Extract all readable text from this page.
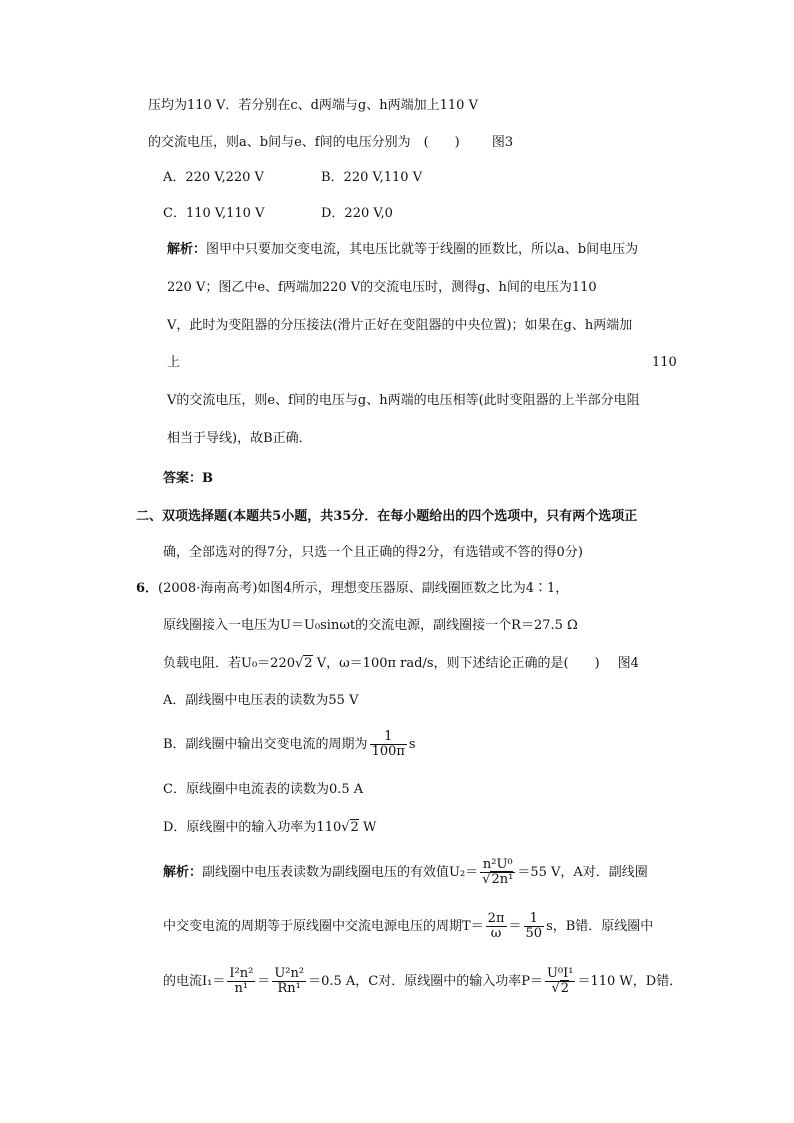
压均为110 V．若分别在c、d两端与g、h两端加上110 V
的交流电压，则a、b间与e、f间的电压分别为　(　　) 图3
A．220 V,220 V	B．220 V,110 V
C．110 V,110 V	D．220 V,0
解析：图甲中只要加交变电流，其电压比就等于线圈的匝数比，所以a、b间电压为
220 V；图乙中e、f两端加220 V的交流电压时，测得g、h间的电压为110
V，此时为变阻器的分压接法(滑片正好在变阻器的中央位置)；如果在g、h两端加
上	110
V的交流电压，则e、f间的电压与g、h两端的电压相等(此时变阻器的上半部分电阻
相当于导线)，故B正确．
答案：B
二、双项选择题(本题共5小题，共35分．在每小题给出的四个选项中，只有两个选项正
确，全部选对的得7分，只选一个且正确的得2分，有选错或不答的得0分)
6．(2008·海南高考)如图4所示，理想变压器原、副线圈匝数之比为4∶1，
原线圈接入一电压为U＝U₀sinωt的交流电源，副线圈接一个R＝27.5 Ω
负载电阻．若U₀＝220√2 V，ω＝100π rad/s，则下述结论正确的是(　　) 图4
A．副线圈中电压表的读数为55 V
B．副线圈中输出交变电流的周期为 $\frac{1}{100\pi}$ s
C．原线圈中电流表的读数为0.5 A
D．原线圈中的输入功率为110√2 W
解析：副线圈中电压表读数为副线圈电压的有效值$U_2= \frac{\text{n²U⁰}}{\text{√2n¹}} =55$ V，A对．副线圈
中交变电流的周期等于原线圈中交流电源电压的周期$T= \frac{2\pi}{\omega} = \frac{1}{50}$ s，B错．原线圈中
的电流$I_1= \frac{\text{I²n²}}{\text{n¹}} = \frac{\text{U²n²}}{\text{Rn¹}} =0.5$ A，C对．原线圈中的输入功率$P= \frac{\text{U⁰I¹}}{√2} =110$ W，D错．
